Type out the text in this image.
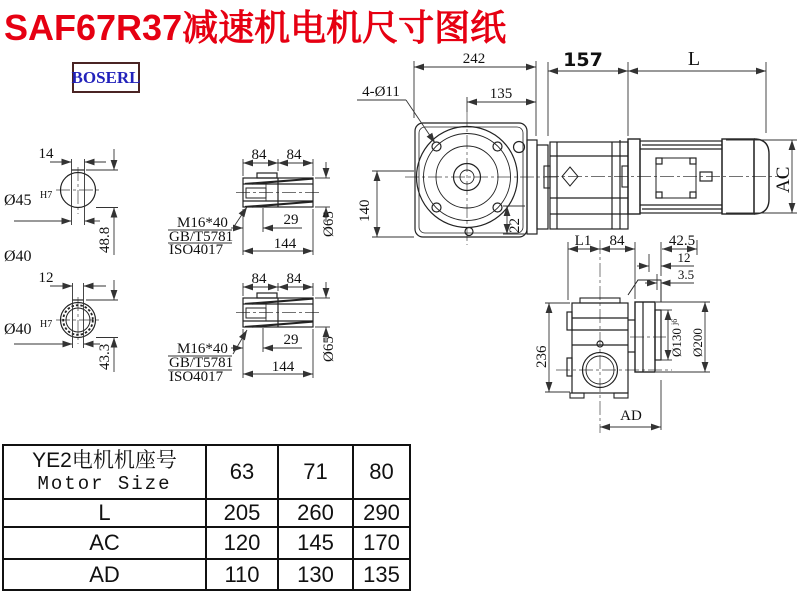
SAF67R37减速机电机尺寸图纸
BOSERL
14
Ø45 H7
48.8
Ø40
12
Ø40 H7
43.3
M16*40
GB/T5781
ISO4017
M16*40
GB/T5781
ISO4017
84 84
29
144
Ø65
84 84
29
144
Ø65
242
4-Ø11	135
140
22
157	L
AC
L1 84	42.5
12
3.5
Ø130
j6
Ø200
AD
236
YE2电机机座号
Motor Size	63	71	80
L	205	260	290
AC	120	145	170
AD	110	130	135
